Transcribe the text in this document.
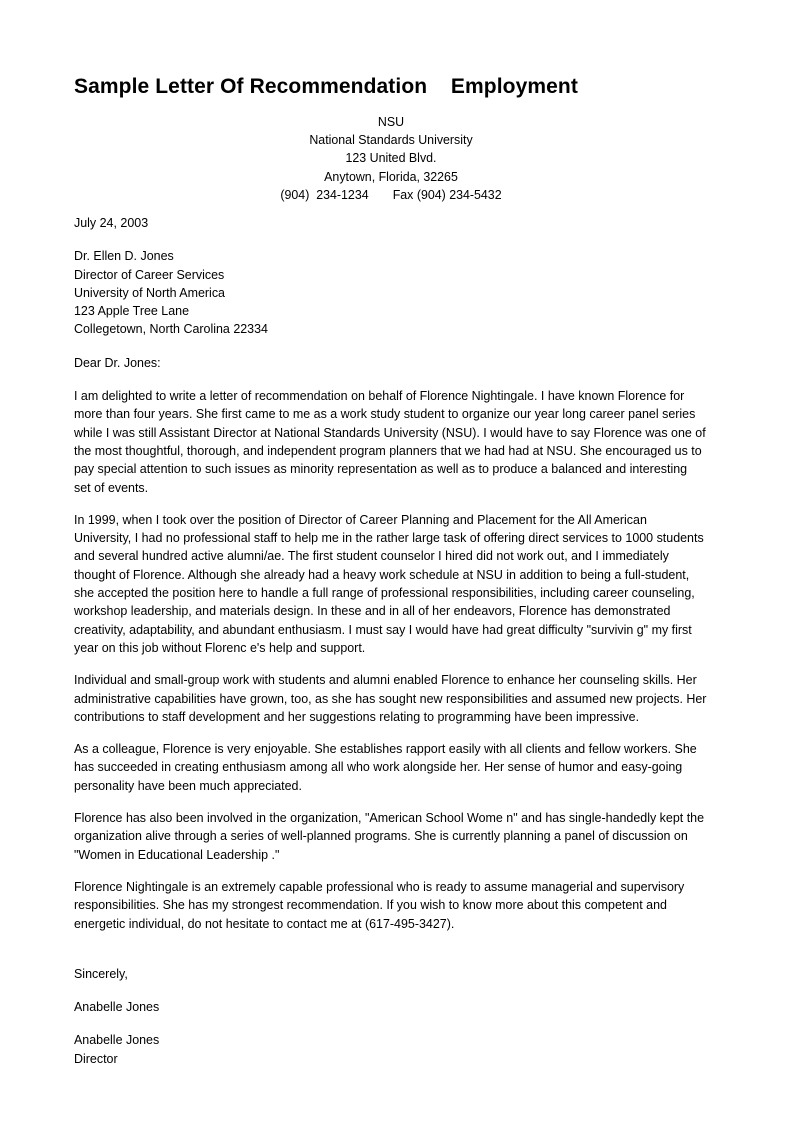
Sample Letter Of Recommendation    Employment
NSU
National Standards University
123 United Blvd.
Anytown, Florida, 32265
(904)  234-1234       Fax (904) 234-5432
July 24, 2003
Dr. Ellen D. Jones
Director of Career Services
University of North America
123 Apple Tree Lane
Collegetown, North Carolina 22334
Dear Dr. Jones:

I am delighted to write a letter of recommendation on behalf of Florence Nightingale. I have known Florence for more than four years. She first came to me as a work study student to organize our year long career panel series while I was still Assistant Director at National Standards University (NSU). I would have to say Florence was one of the most thoughtful, thorough, and independent program planners that we had had at NSU. She encouraged us to pay special attention to such issues as minority representation as well as to produce a balanced and interesting set of events.

In 1999, when I took over the position of Director of Career Planning and Placement for the All American University, I had no professional staff to help me in the rather large task of offering direct services to 1000 students and several hundred active alumni/ae. The first student counselor I hired did not work out, and I immediately thought of Florence. Although she already had a heavy work schedule at NSU in addition to being a full-student, she accepted the position here to handle a full range of professional responsibilities, including career counseling, workshop leadership, and materials design. In these and in all of her endeavors, Florence has demonstrated creativity, adaptability, and abundant enthusiasm. I must say I would have had great difficulty "survivin g" my first year on this job without Florenc e's help and support.

Individual and small-group work with students and alumni enabled Florence to enhance her counseling skills. Her administrative capabilities have grown, too, as she has sought new responsibilities and assumed new projects. Her contributions to staff development and her suggestions relating to programming have been impressive.

As a colleague, Florence is very enjoyable. She establishes rapport easily with all clients and fellow workers. She has succeeded in creating enthusiasm among all who work alongside her. Her sense of humor and easy-going personality have been much appreciated.

Florence has also been involved in the organization, "American School Wome n" and has single-handedly kept the organization alive through a series of well-planned programs. She is currently planning a panel of discussion on "Women in Educational Leadership ."

Florence Nightingale is an extremely capable professional who is ready to assume managerial and supervisory responsibilities. She has my strongest recommendation. If you wish to know more about this competent and energetic individual, do not hesitate to contact me at (617-495-3427).

Sincerely,
Anabelle Jones
Anabelle Jones
Director
